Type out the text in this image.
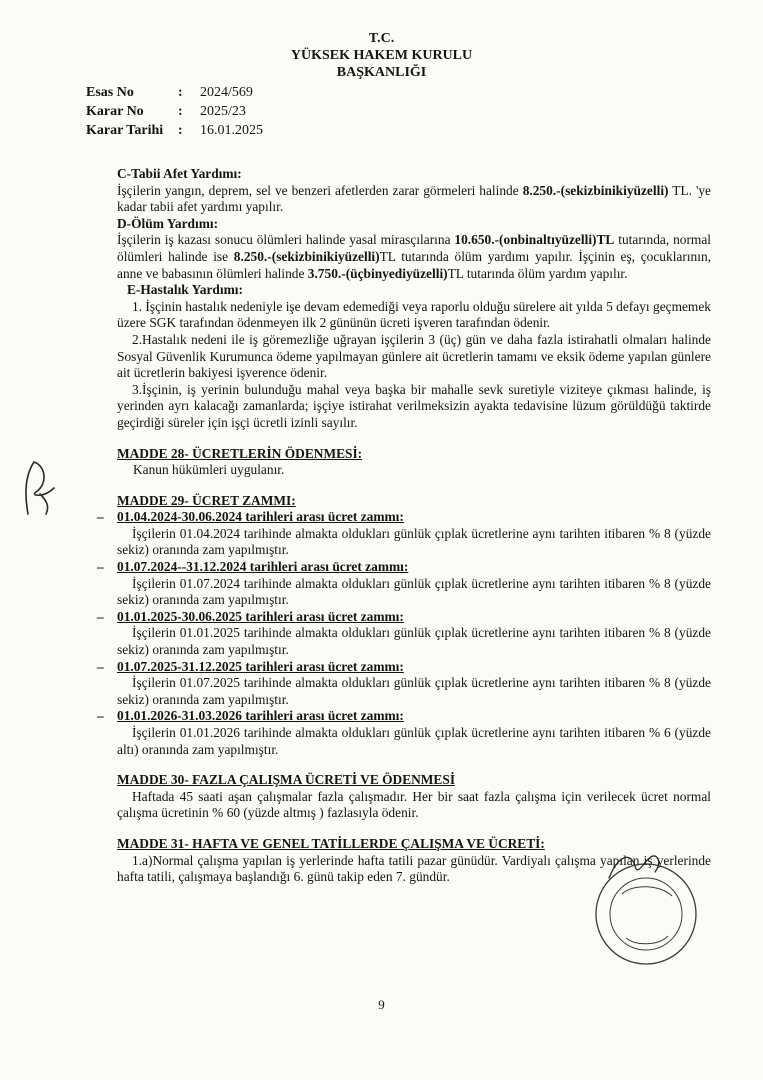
T.C.
YÜKSEK HAKEM KURULU
BAŞKANLIĞI
Esas No	:	2024/569
Karar No	:	2025/23
Karar Tarihi	:	16.01.2025

C-Tabii Afet Yardımı:

İşçilerin yangın, deprem, sel ve benzeri afetlerden zarar görmeleri halinde 8.250.-(sekizbinikiyüzelli) TL. 'ye kadar tabii afet yardımı yapılır.

D-Ölüm Yardımı:

İşçilerin iş kazası sonucu ölümleri halinde yasal mirasçılarına 10.650.-(onbinaltıyüzelli)TL tutarında, normal ölümleri halinde ise 8.250.-(sekizbinikiyüzelli)TL tutarında ölüm yardımı yapılır. İşçinin eş, çocuklarının, anne ve babasının ölümleri halinde 3.750.-(üçbinyediyüzelli)TL tutarında ölüm yardım yapılır.

E-Hastalık Yardımı:

1. İşçinin hastalık nedeniyle işe devam edemediği veya raporlu olduğu sürelere ait yılda 5 defayı geçmemek üzere SGK tarafından ödenmeyen ilk 2 gününün ücreti işveren tarafından ödenir.

2.Hastalık nedeni ile iş göremezliğe uğrayan işçilerin 3 (üç) gün ve daha fazla istirahatli olmaları halinde Sosyal Güvenlik Kurumunca ödeme yapılmayan günlere ait ücretlerin tamamı ve eksik ödeme yapılan günlere ait ücretlerin bakiyesi işverence ödenir.

3.İşçinin, iş yerinin bulunduğu mahal veya başka bir mahalle sevk suretiyle viziteye çıkması halinde, iş yerinden ayrı kalacağı zamanlarda; işçiye istirahat verilmeksizin ayakta tedavisine lüzum görüldüğü taktirde geçirdiği süreler için işçi ücretli izinli sayılır.

MADDE 28- ÜCRETLERİN ÖDENMESİ:

Kanun hükümleri uygulanır.

MADDE 29- ÜCRET ZAMMI:

– 01.04.2024-30.06.2024 tarihleri arası ücret zammı:

İşçilerin 01.04.2024 tarihinde almakta oldukları günlük çıplak ücretlerine aynı tarihten itibaren % 8 (yüzde sekiz) oranında zam yapılmıştır.

– 01.07.2024--31.12.2024 tarihleri arası ücret zammı:

İşçilerin 01.07.2024 tarihinde almakta oldukları günlük çıplak ücretlerine aynı tarihten itibaren % 8 (yüzde sekiz) oranında zam yapılmıştır.

– 01.01.2025-30.06.2025 tarihleri arası ücret zammı:

İşçilerin 01.01.2025 tarihinde almakta oldukları günlük çıplak ücretlerine aynı tarihten itibaren % 8 (yüzde sekiz) oranında zam yapılmıştır.

– 01.07.2025-31.12.2025 tarihleri arası ücret zammı:

İşçilerin 01.07.2025 tarihinde almakta oldukları günlük çıplak ücretlerine aynı tarihten itibaren % 8 (yüzde sekiz) oranında zam yapılmıştır.

– 01.01.2026-31.03.2026 tarihleri arası ücret zammı:

İşçilerin 01.01.2026 tarihinde almakta oldukları günlük çıplak ücretlerine aynı tarihten itibaren % 6 (yüzde altı) oranında zam yapılmıştır.

MADDE 30- FAZLA ÇALIŞMA ÜCRETİ VE ÖDENMESİ

Haftada 45 saati aşan çalışmalar fazla çalışmadır. Her bir saat fazla çalışma için verilecek ücret normal çalışma ücretinin % 60 (yüzde altmış ) fazlasıyla ödenir.

MADDE 31- HAFTA VE GENEL TATİLLERDE ÇALIŞMA VE ÜCRETİ:

1.a)Normal çalışma yapılan iş yerlerinde hafta tatili pazar günüdür. Vardiyalı çalışma yapılan iş yerlerinde hafta tatili, çalışmaya başlandığı 6. günü takip eden 7. gündür.

9
